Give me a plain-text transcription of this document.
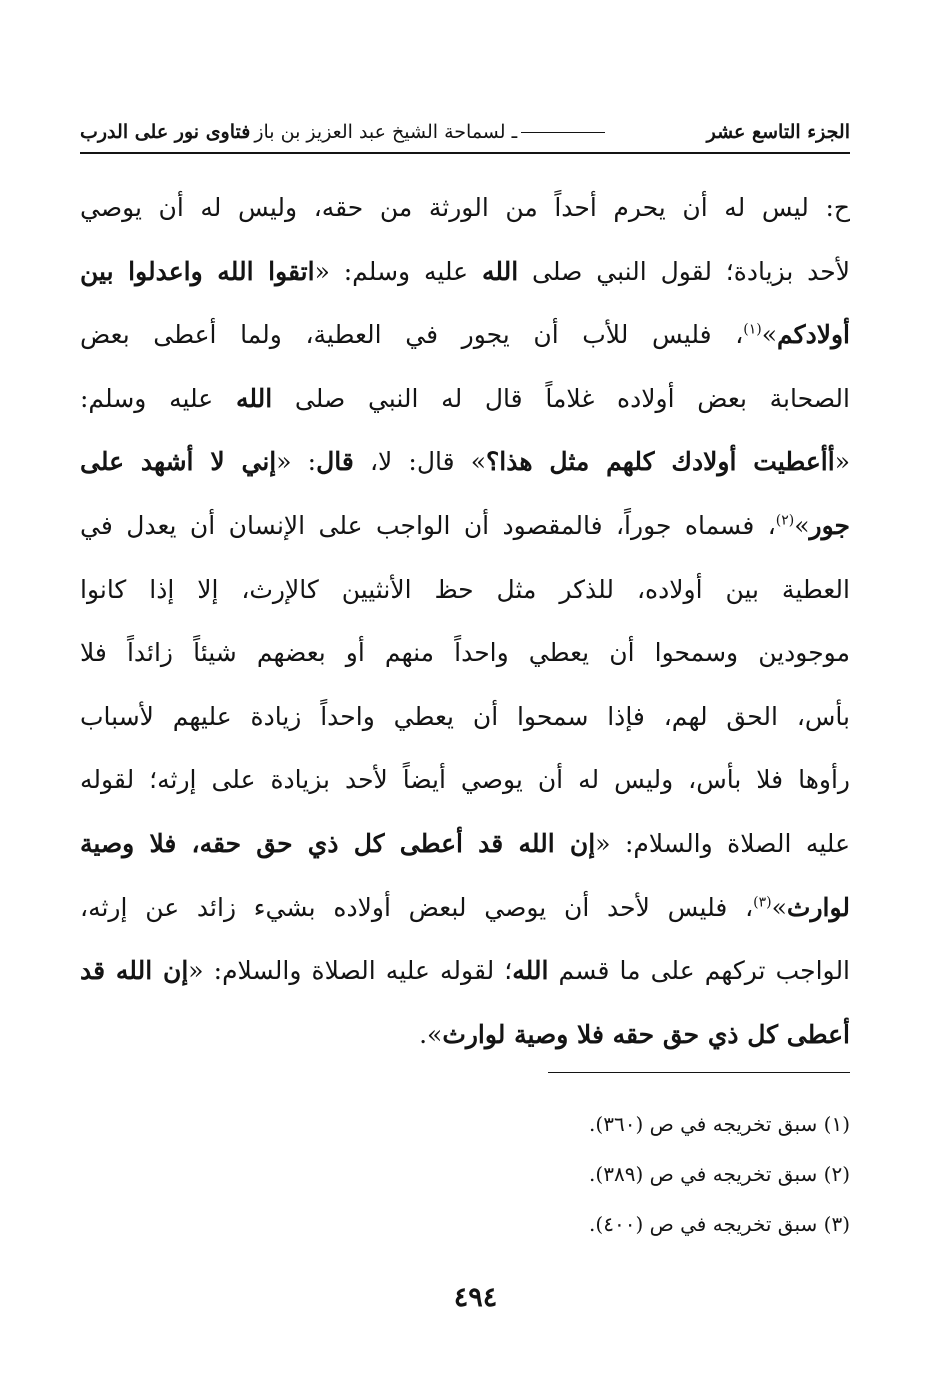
الجزء التاسع عشر
ـ لسماحة الشيخ عبد العزيز بن باز
فتاوى نور على الدرب
ح: ليس له أن يحرم أحداً من الورثة من حقه، وليس له أن يوصي
لأحد بزيادة؛ لقول النبي صلى الله عليه وسلم: «اتقوا الله واعدلوا بين
أولادكم»$^{(١)}$، فليس للأب أن يجور في العطية، ولما أعطى بعض
الصحابة بعض أولاده غلاماً قال له النبي صلى الله عليه وسلم:
«أأعطيت أولادك كلهم مثل هذا؟» قال: لا، قال: «إني لا أشهد على
جور»$^{(٢)}$، فسماه جوراً، فالمقصود أن الواجب على الإنسان أن يعدل في
العطية بين أولاده، للذكر مثل حظ الأنثيين كالإرث، إلا إذا كانوا
موجودين وسمحوا أن يعطي واحداً منهم أو بعضهم شيئاً زائداً فلا
بأس، الحق لهم، فإذا سمحوا أن يعطي واحداً زيادة عليهم لأسباب
رأوها فلا بأس، وليس له أن يوصي أيضاً لأحد بزيادة على إرثه؛ لقوله
عليه الصلاة والسلام: «إن الله قد أعطى كل ذي حق حقه، فلا وصية
لوارث»$^{(٣)}$، فليس لأحد أن يوصي لبعض أولاده بشيء زائد عن إرثه،
الواجب تركهم على ما قسم الله؛ لقوله عليه الصلاة والسلام: «إن الله قد
أعطى كل ذي حق حقه فلا وصية لوارث».
(١) سبق تخريجه في ص (٣٦٠).
(٢) سبق تخريجه في ص (٣٨٩).
(٣) سبق تخريجه في ص (٤٠٠).
٤٩٤
